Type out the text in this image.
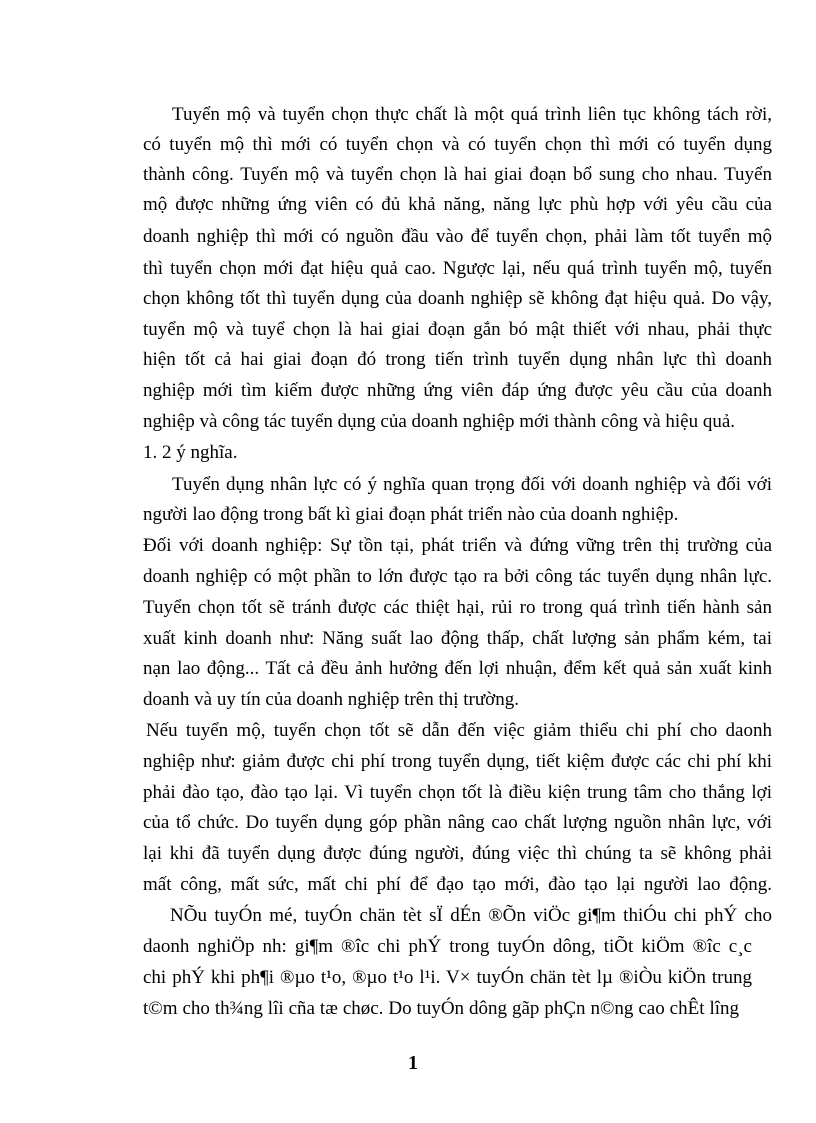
Tuyển mộ và tuyển chọn thực chất là một quá trình liên tục không tách rời,
có tuyển mộ thì mới có tuyển chọn và có tuyển chọn thì mới có tuyển dụng
thành công. Tuyển mộ và tuyển chọn là hai giai đoạn bổ sung cho nhau. Tuyển
mộ được những ứng viên có đủ khả năng, năng lực phù hợp với yêu cầu của
doanh nghiệp thì mới có nguồn đầu vào để tuyển chọn, phải làm tốt tuyển mộ
thì tuyển chọn mới đạt hiệu quả cao. Ngược lại, nếu quá trình tuyển mộ, tuyển
chọn không tốt thì tuyển dụng của doanh nghiệp sẽ không đạt hiệu quả. Do vậy,
tuyển mộ và tuyể chọn là hai giai đoạn gắn bó mật thiết với nhau, phải thực
hiện tốt cả hai giai đoạn đó trong tiến trình tuyển dụng nhân lực thì doanh
nghiệp mới tìm kiếm được những ứng viên đáp ứng được yêu cầu của doanh
nghiệp và công tác tuyển dụng của doanh nghiệp mới thành công và hiệu quả.
1. 2 ý nghĩa.
Tuyển dụng nhân lực có ý nghĩa quan trọng đối với doanh nghiệp và đối với
người lao động trong bất kì giai đoạn phát triển nào của doanh nghiệp.
Đối với doanh nghiệp: Sự tồn tại, phát triển và đứng vững trên thị trường của
doanh nghiệp có một phần to lớn được tạo ra bởi công tác tuyển dụng nhân lực.
Tuyển chọn tốt sẽ tránh được các thiệt hại, rủi ro trong quá trình tiến hành sản
xuất kinh doanh như: Năng suất lao động thấp, chất lượng sản phẩm kém, tai
nạn lao động... Tất cả đều ảnh hưởng đến lợi nhuận, đểm kết quả sản xuất kinh
doanh và uy tín của doanh nghiệp trên thị trường.
Nếu tuyển mộ, tuyển chọn tốt sẽ dẫn đến việc giảm thiểu chi phí cho daonh
nghiệp như: giảm được chi phí trong tuyển dụng, tiết kiệm được các chi phí khi
phải đào tạo, đào tạo lại. Vì tuyển chọn tốt là điều kiện trung tâm cho thắng lợi
của tổ chức. Do tuyển dụng góp phần nâng cao chất lượng nguồn nhân lực, với
lại khi đã tuyển dụng được đúng người, đúng việc thì chúng ta sẽ không phải
mất công, mất sức, mất chi phí để đạo tạo mới, đào tạo lại người lao động.
NÕu tuyÓn mé, tuyÓn chän tèt sÏ dÉn ®Õn viÖc gi¶m thiÓu chi phÝ cho
daonh nghiÖp nh: gi¶m ®îc chi phÝ trong tuyÓn dông, tiÕt kiÖm ®îc c¸c
chi phÝ khi ph¶i ®µo t¹o, ®µo t¹o l¹i. V× tuyÓn chän tèt lµ ®iÒu kiÖn trung
t©m cho th¾ng lîi cña tæ chøc. Do tuyÓn dông gãp phÇn n©ng cao chÊt lîng
1
